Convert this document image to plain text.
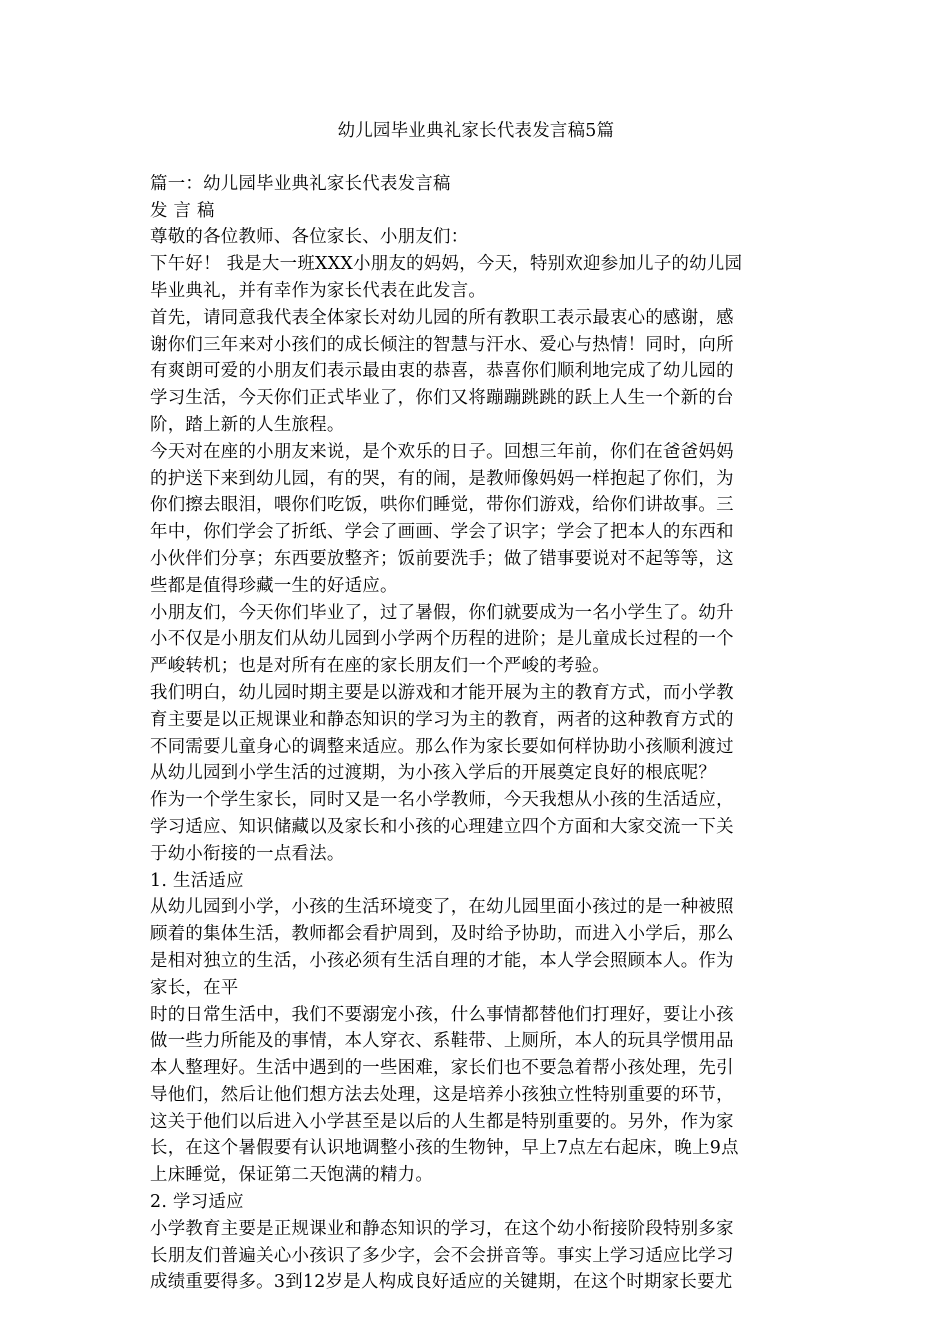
幼儿园毕业典礼家长代表发言稿5篇
篇一：幼儿园毕业典礼家长代表发言稿
发 言 稿
尊敬的各位教师、各位家长、小朋友们：
下午好！ 我是大一班XXX小朋友的妈妈，今天，特别欢迎参加儿子的幼儿园
毕业典礼，并有幸作为家长代表在此发言。
首先，请同意我代表全体家长对幼儿园的所有教职工表示最衷心的感谢，感
谢你们三年来对小孩们的成长倾注的智慧与汗水、爱心与热情！同时，向所
有爽朗可爱的小朋友们表示最由衷的恭喜，恭喜你们顺利地完成了幼儿园的
学习生活，今天你们正式毕业了，你们又将蹦蹦跳跳的跃上人生一个新的台
阶，踏上新的人生旅程。
今天对在座的小朋友来说，是个欢乐的日子。回想三年前，你们在爸爸妈妈
的护送下来到幼儿园，有的哭，有的闹，是教师像妈妈一样抱起了你们，为
你们擦去眼泪，喂你们吃饭，哄你们睡觉，带你们游戏，给你们讲故事。三
年中，你们学会了折纸、学会了画画、学会了识字；学会了把本人的东西和
小伙伴们分享；东西要放整齐；饭前要洗手；做了错事要说对不起等等，这
些都是值得珍藏一生的好适应。
小朋友们，今天你们毕业了，过了暑假，你们就要成为一名小学生了。幼升
小不仅是小朋友们从幼儿园到小学两个历程的进阶；是儿童成长过程的一个
严峻转机；也是对所有在座的家长朋友们一个严峻的考验。
我们明白，幼儿园时期主要是以游戏和才能开展为主的教育方式，而小学教
育主要是以正规课业和静态知识的学习为主的教育，两者的这种教育方式的
不同需要儿童身心的调整来适应。那么作为家长要如何样协助小孩顺利渡过
从幼儿园到小学生活的过渡期，为小孩入学后的开展奠定良好的根底呢？
作为一个学生家长，同时又是一名小学教师，今天我想从小孩的生活适应，
学习适应、知识储藏以及家长和小孩的心理建立四个方面和大家交流一下关
于幼小衔接的一点看法。
1. 生活适应
从幼儿园到小学，小孩的生活环境变了，在幼儿园里面小孩过的是一种被照
顾着的集体生活，教师都会看护周到，及时给予协助，而进入小学后，那么
是相对独立的生活，小孩必须有生活自理的才能，本人学会照顾本人。作为
家长，在平
时的日常生活中，我们不要溺宠小孩，什么事情都替他们打理好，要让小孩
做一些力所能及的事情，本人穿衣、系鞋带、上厕所，本人的玩具学惯用品
本人整理好。生活中遇到的一些困难，家长们也不要急着帮小孩处理，先引
导他们，然后让他们想方法去处理，这是培养小孩独立性特别重要的环节，
这关于他们以后进入小学甚至是以后的人生都是特别重要的。另外，作为家
长，在这个暑假要有认识地调整小孩的生物钟，早上7点左右起床，晚上9点
上床睡觉，保证第二天饱满的精力。
2. 学习适应
小学教育主要是正规课业和静态知识的学习，在这个幼小衔接阶段特别多家
长朋友们普遍关心小孩识了多少字，会不会拼音等。事实上学习适应比学习
成绩重要得多。3到12岁是人构成良好适应的关键期，在这个时期家长要尤
